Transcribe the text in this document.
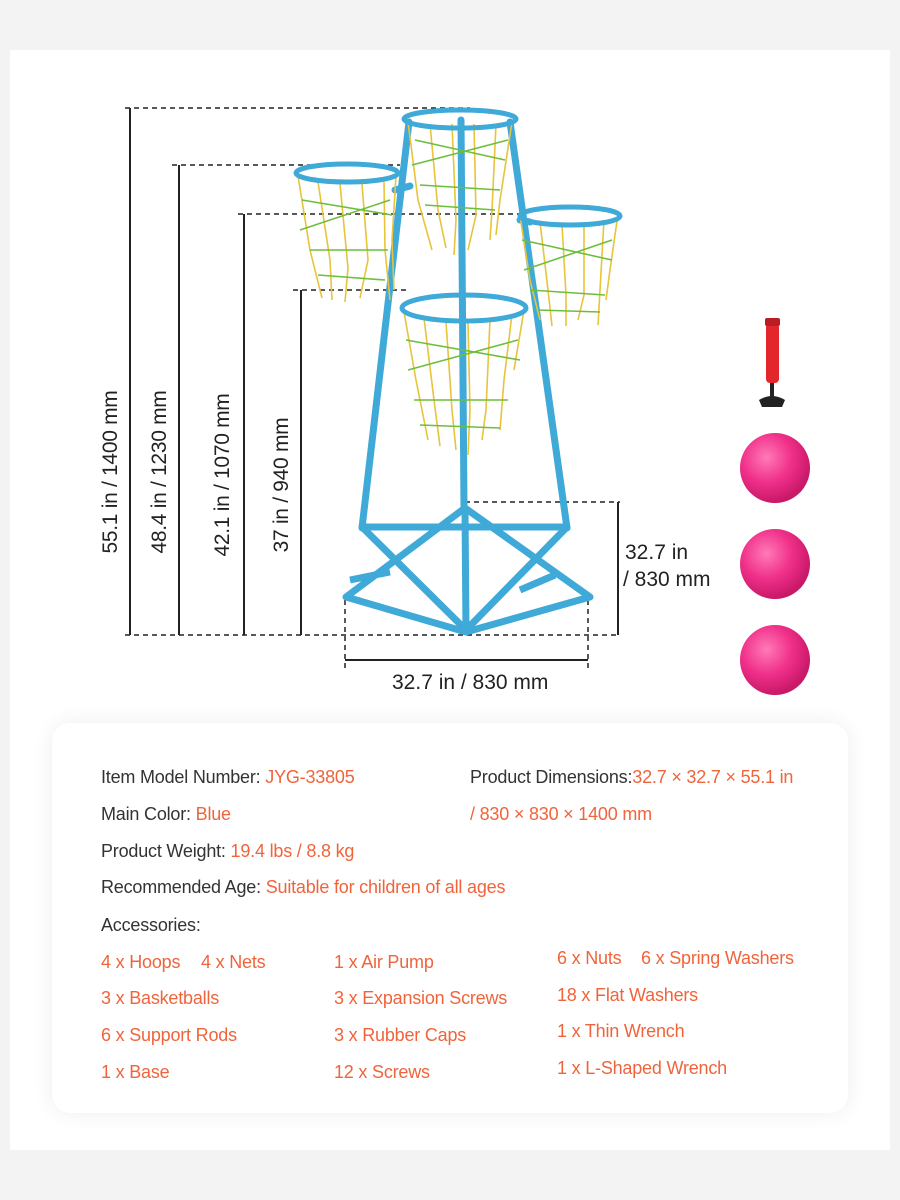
55.1 in / 1400 mm 48.4 in / 1230 mm 42.1 in / 1070 mm 37 in / 940 mm
32.7 in
/ 830 mm
32.7 in / 830 mm
Item Model Number: JYG-33805
Main Color: Blue
Product Weight: 19.4 lbs / 8.8 kg
Recommended Age: Suitable for children of all ages
Product Dimensions:32.7 × 32.7 × 55.1 in
/ 830 × 830 × 1400 mm
Accessories:
4 x Hoops 4 x Nets
3 x Basketballs
6 x Support Rods
1 x Base
1 x Air Pump
3 x Expansion Screws
3 x Rubber Caps
12 x Screws
6 x Nuts 6 x Spring Washers
18 x Flat Washers
1 x Thin Wrench
1 x L-Shaped Wrench
